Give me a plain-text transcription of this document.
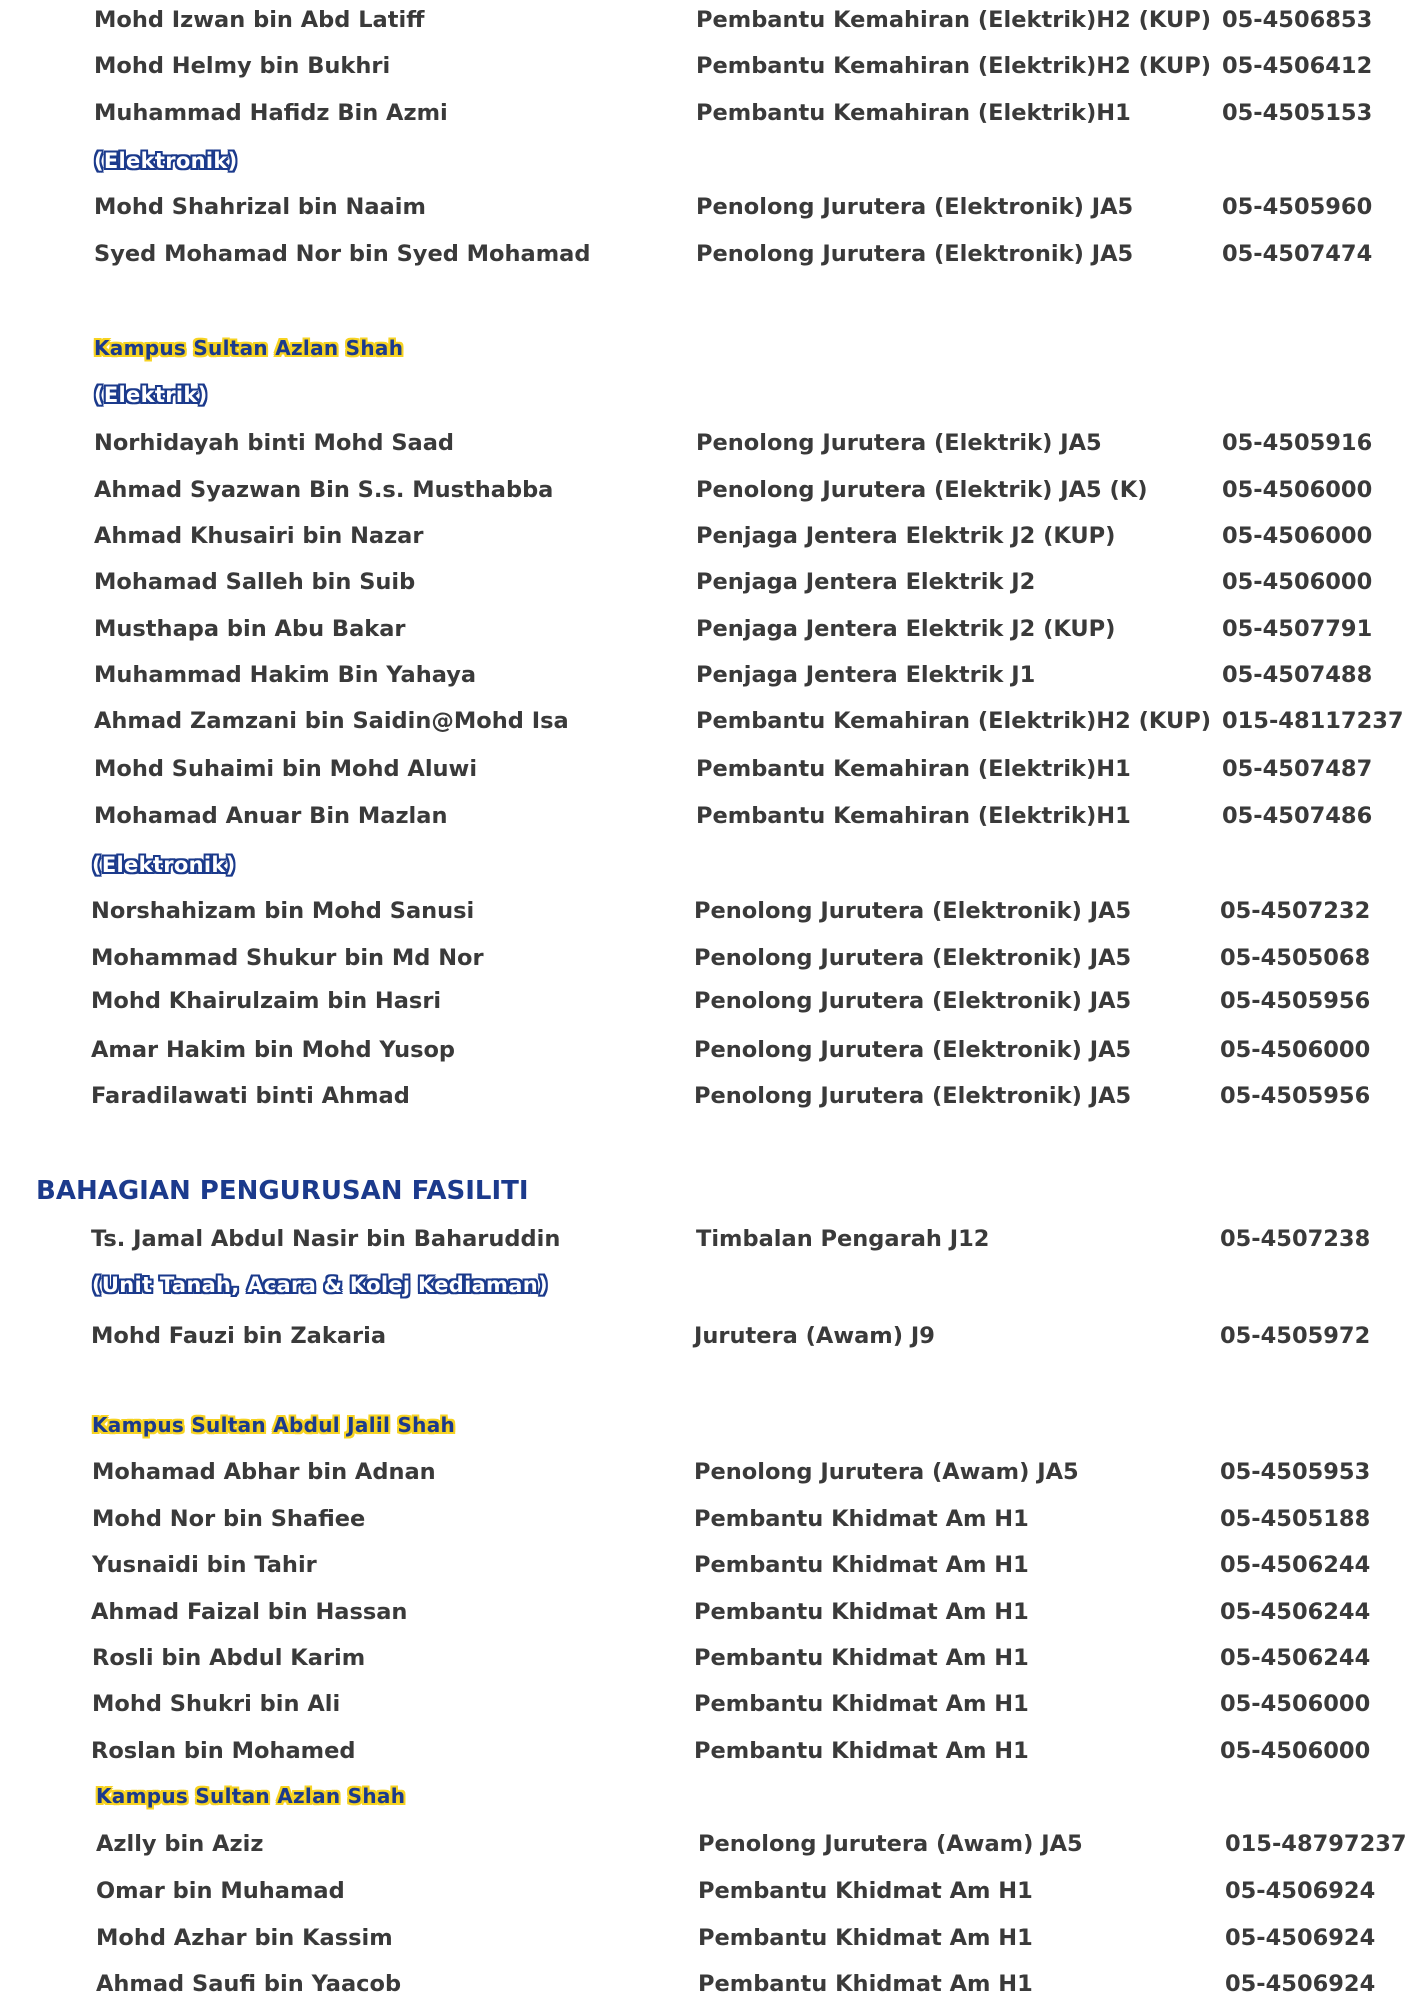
Mohd Izwan bin Abd Latiff	Pembantu Kemahiran (Elektrik)H2 (KUP) 05-4506853
Mohd Helmy bin Bukhri	Pembantu Kemahiran (Elektrik)H2 (KUP) 05-4506412
Muhammad Hafidz Bin Azmi	Pembantu Kemahiran (Elektrik)H1	05-4505153
(Elektronik)
Mohd Shahrizal bin Naaim	Penolong Jurutera (Elektronik) JA5	05-4505960
Syed Mohamad Nor bin Syed Mohamad	Penolong Jurutera (Elektronik) JA5	05-4507474
Kampus Sultan Azlan Shah
(Elektrik)
Norhidayah binti Mohd Saad	Penolong Jurutera (Elektrik) JA5	05-4505916
Ahmad Syazwan Bin S.s. Musthabba	Penolong Jurutera (Elektrik) JA5 (K)	05-4506000
Ahmad Khusairi bin Nazar	Penjaga Jentera Elektrik J2 (KUP)	05-4506000
Mohamad Salleh bin Suib	Penjaga Jentera Elektrik J2	05-4506000
Musthapa bin Abu Bakar	Penjaga Jentera Elektrik J2 (KUP)	05-4507791
Muhammad Hakim Bin Yahaya	Penjaga Jentera Elektrik J1	05-4507488
Ahmad Zamzani bin Saidin@Mohd Isa	Pembantu Kemahiran (Elektrik)H2 (KUP) 015-48117237
Mohd Suhaimi bin Mohd Aluwi	Pembantu Kemahiran (Elektrik)H1	05-4507487
Mohamad Anuar Bin Mazlan	Pembantu Kemahiran (Elektrik)H1	05-4507486
(Elektronik)
Norshahizam bin Mohd Sanusi	Penolong Jurutera (Elektronik) JA5	05-4507232
Mohammad Shukur bin Md Nor	Penolong Jurutera (Elektronik) JA5	05-4505068
Mohd Khairulzaim bin Hasri	Penolong Jurutera (Elektronik) JA5	05-4505956
Amar Hakim bin Mohd Yusop	Penolong Jurutera (Elektronik) JA5	05-4506000
Faradilawati binti Ahmad	Penolong Jurutera (Elektronik) JA5	05-4505956
BAHAGIAN PENGURUSAN FASILITI
Ts. Jamal Abdul Nasir bin Baharuddin	Timbalan Pengarah J12	05-4507238
(Unit Tanah, Acara & Kolej Kediaman)
Mohd Fauzi bin Zakaria	Jurutera (Awam) J9	05-4505972
Kampus Sultan Abdul Jalil Shah
Mohamad Abhar bin Adnan	Penolong Jurutera (Awam) JA5	05-4505953
Mohd Nor bin Shafiee	Pembantu Khidmat Am H1	05-4505188
Yusnaidi bin Tahir	Pembantu Khidmat Am H1	05-4506244
Ahmad Faizal bin Hassan	Pembantu Khidmat Am H1	05-4506244
Rosli bin Abdul Karim	Pembantu Khidmat Am H1	05-4506244
Mohd Shukri bin Ali	Pembantu Khidmat Am H1	05-4506000
Roslan bin Mohamed	Pembantu Khidmat Am H1	05-4506000
Kampus Sultan Azlan Shah
Azlly bin Aziz	Penolong Jurutera (Awam) JA5	015-48797237
Omar bin Muhamad	Pembantu Khidmat Am H1	05-4506924
Mohd Azhar bin Kassim	Pembantu Khidmat Am H1	05-4506924
Ahmad Saufi bin Yaacob	Pembantu Khidmat Am H1	05-4506924
